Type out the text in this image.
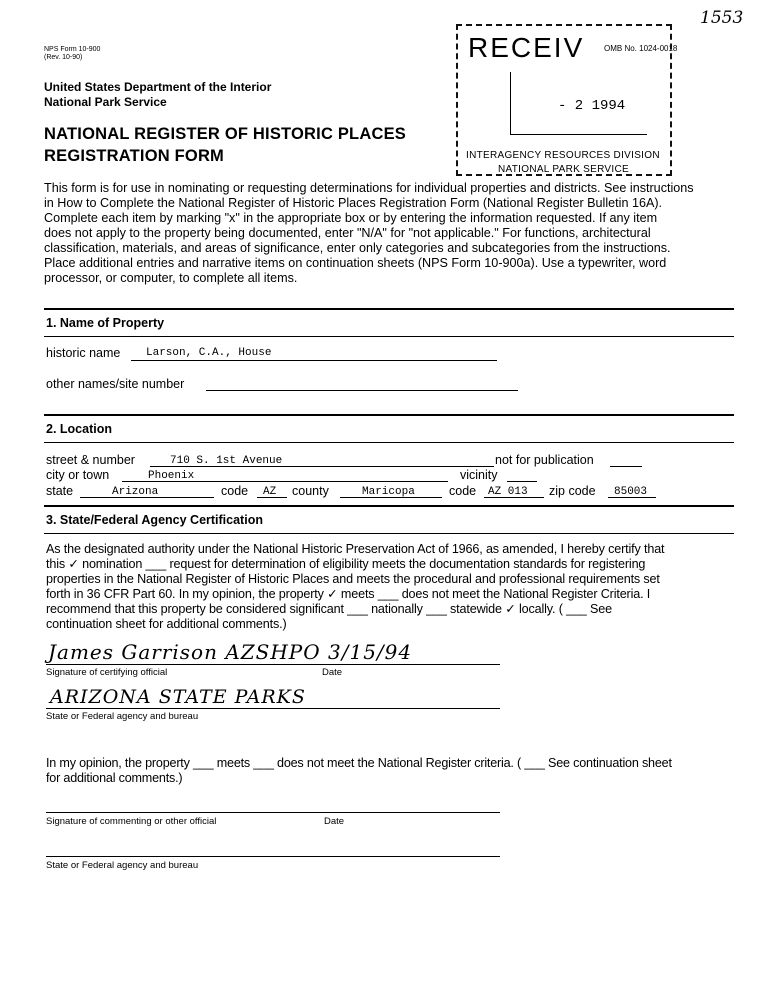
1553
NPS Form 10-900
(Rev. 10-90)
United States Department of the Interior
National Park Service
NATIONAL REGISTER OF HISTORIC PLACES
REGISTRATION FORM
OMB No. 1024-0018
RECEIV
- 2 1994
INTERAGENCY RESOURCES DIVISION
NATIONAL PARK SERVICE
This form is for use in nominating or requesting determinations for individual properties and districts. See instructions
in How to Complete the National Register of Historic Places Registration Form (National Register Bulletin 16A).
Complete each item by marking "x" in the appropriate box or by entering the information requested. If any item
does not apply to the property being documented, enter "N/A" for "not applicable." For functions, architectural
classification, materials, and areas of significance, enter only categories and subcategories from the instructions.
Place additional entries and narrative items on continuation sheets (NPS Form 10-900a). Use a typewriter, word
processor, or computer, to complete all items.
1. Name of Property
historic name Larson, C.A., House
other names/site number
2. Location
street & number	710 S. 1st Avenue	not for publication
city or town	Phoenix	vicinity
state	Arizona	code AZ county	Maricopa	code AZ 013 zip code 85003
3. State/Federal Agency Certification
As the designated authority under the National Historic Preservation Act of 1966, as amended, I hereby certify that
this ✓ nomination ___ request for determination of eligibility meets the documentation standards for registering
properties in the National Register of Historic Places and meets the procedural and professional requirements set
forth in 36 CFR Part 60. In my opinion, the property ✓ meets ___ does not meet the National Register Criteria. I
recommend that this property be considered significant ___ nationally ___ statewide ✓ locally. ( ___ See
continuation sheet for additional comments.)
James Garrison AZSHPO 3/15/94
Signature of certifying official	Date
ARIZONA STATE PARKS
State or Federal agency and bureau
In my opinion, the property ___ meets ___ does not meet the National Register criteria. ( ___ See continuation sheet
for additional comments.)
Signature of commenting or other official	Date
State or Federal agency and bureau
